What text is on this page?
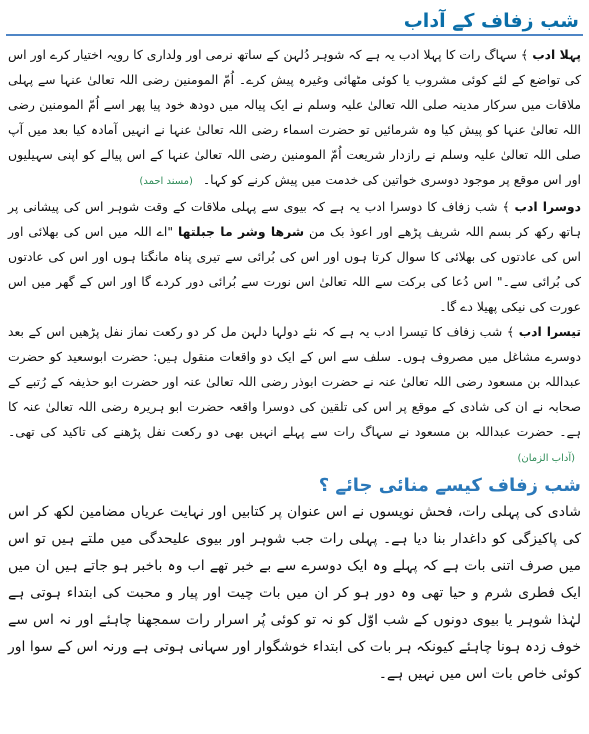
شب زفاف کے آداب

پہلا ادب ﴾ سہاگ رات کا پہلا ادب یہ ہے کہ شوہر دُلہن کے ساتھ نرمی اور ولداری کا رویہ اختیار کرے اور اس کی تواضع کے لئے کوئی مشروب یا کوئی مٹھائی وغیرہ پیش کرے۔ اُمّ المومنین رضی اللہ تعالیٰ عنہا سے پہلی ملاقات میں سرکار مدینہ صلی اللہ تعالیٰ علیہ وسلم نے ایک پیالہ میں دودھ خود پیا پھر اسے اُمّ المومنین رضی اللہ تعالیٰ عنہا کو پیش کیا وہ شرمائیں تو حضرت اسماء رضی اللہ تعالیٰ عنہا نے انہیں آمادہ کیا بعد میں آپ صلی اللہ تعالیٰ علیہ وسلم نے رازدار شریعت اُمّ المومنین رضی اللہ تعالیٰ عنہا کے اس پیالے کو اپنی سہیلیوں اور اس موقع پر موجود دوسری خواتین کی خدمت میں پیش کرنے کو کہا۔ (مسند احمد)

دوسرا ادب ﴾ شب زفاف کا دوسرا ادب یہ ہے کہ بیوی سے پہلی ملاقات کے وقت شوہر اس کی پیشانی پر ہاتھ رکھ کر بسم اللہ شریف پڑھے اور اعوذ بک من شرها وشر ما جبلتها "اے اللہ میں اس کی بھلائی اور اس کی عادتوں کی بھلائی کا سوال کرتا ہوں اور اس کی بُرائی سے تیری پناہ مانگتا ہوں اور اس کی عادتوں کی بُرائی سے۔" اس دُعا کی برکت سے اللہ تعالیٰ اس نورت سے بُرائی دور کردے گا اور اس کے گھر میں اس عورت کی نیکی پھیلا دے گا۔

تیسرا ادب ﴾ شب زفاف کا تیسرا ادب یہ ہے کہ نئے دولہا دلہن مل کر دو رکعت نماز نفل پڑھیں اس کے بعد دوسرے مشاغل میں مصروف ہوں۔ سلف سے اس کے ایک دو واقعات منقول ہیں: حضرت ابوسعید کو حضرت عبداللہ بن مسعود رضی اللہ تعالیٰ عنہ نے حضرت ابوذر رضی اللہ تعالیٰ عنہ اور حضرت ابو حذیفہ کے رُتبے کے صحابہ نے ان کی شادی کے موقع پر اس کی تلقین کی دوسرا واقعہ حضرت ابو ہریرہ رضی اللہ تعالیٰ عنہ کا ہے۔ حضرت عبداللہ بن مسعود نے سہاگ رات سے پہلے انہیں بھی دو رکعت نفل پڑھنے کی تاکید کی تھی۔ (آداب الزمان)

شب زفاف کیسے منائی جائے ؟

شادی کی پہلی رات، فحش نویسوں نے اس عنوان پر کتابیں اور نہایت عریاں مضامین لکھ کر اس کی پاکیزگی کو داغدار بنا دیا ہے۔ پہلی رات جب شوہر اور بیوی علیحدگی میں ملتے ہیں تو اس میں صرف اتنی بات ہے کہ پہلے وہ ایک دوسرے سے بے خبر تھے اب وہ باخبر ہو جاتے ہیں ان میں ایک فطری شرم و حیا تھی وہ دور ہو کر ان میں بات چیت اور پیار و محبت کی ابتداء ہوتی ہے لہٰذا شوہر یا بیوی دونوں کے شب اوّل کو نہ تو کوئی پُر اسرار رات سمجھنا چاہئے اور نہ اس سے خوف زدہ ہونا چاہئے کیونکہ ہر بات کی ابتداء خوشگوار اور سہانی ہوتی ہے ورنہ اس کے سوا اور کوئی خاص بات اس میں نہیں ہے۔
